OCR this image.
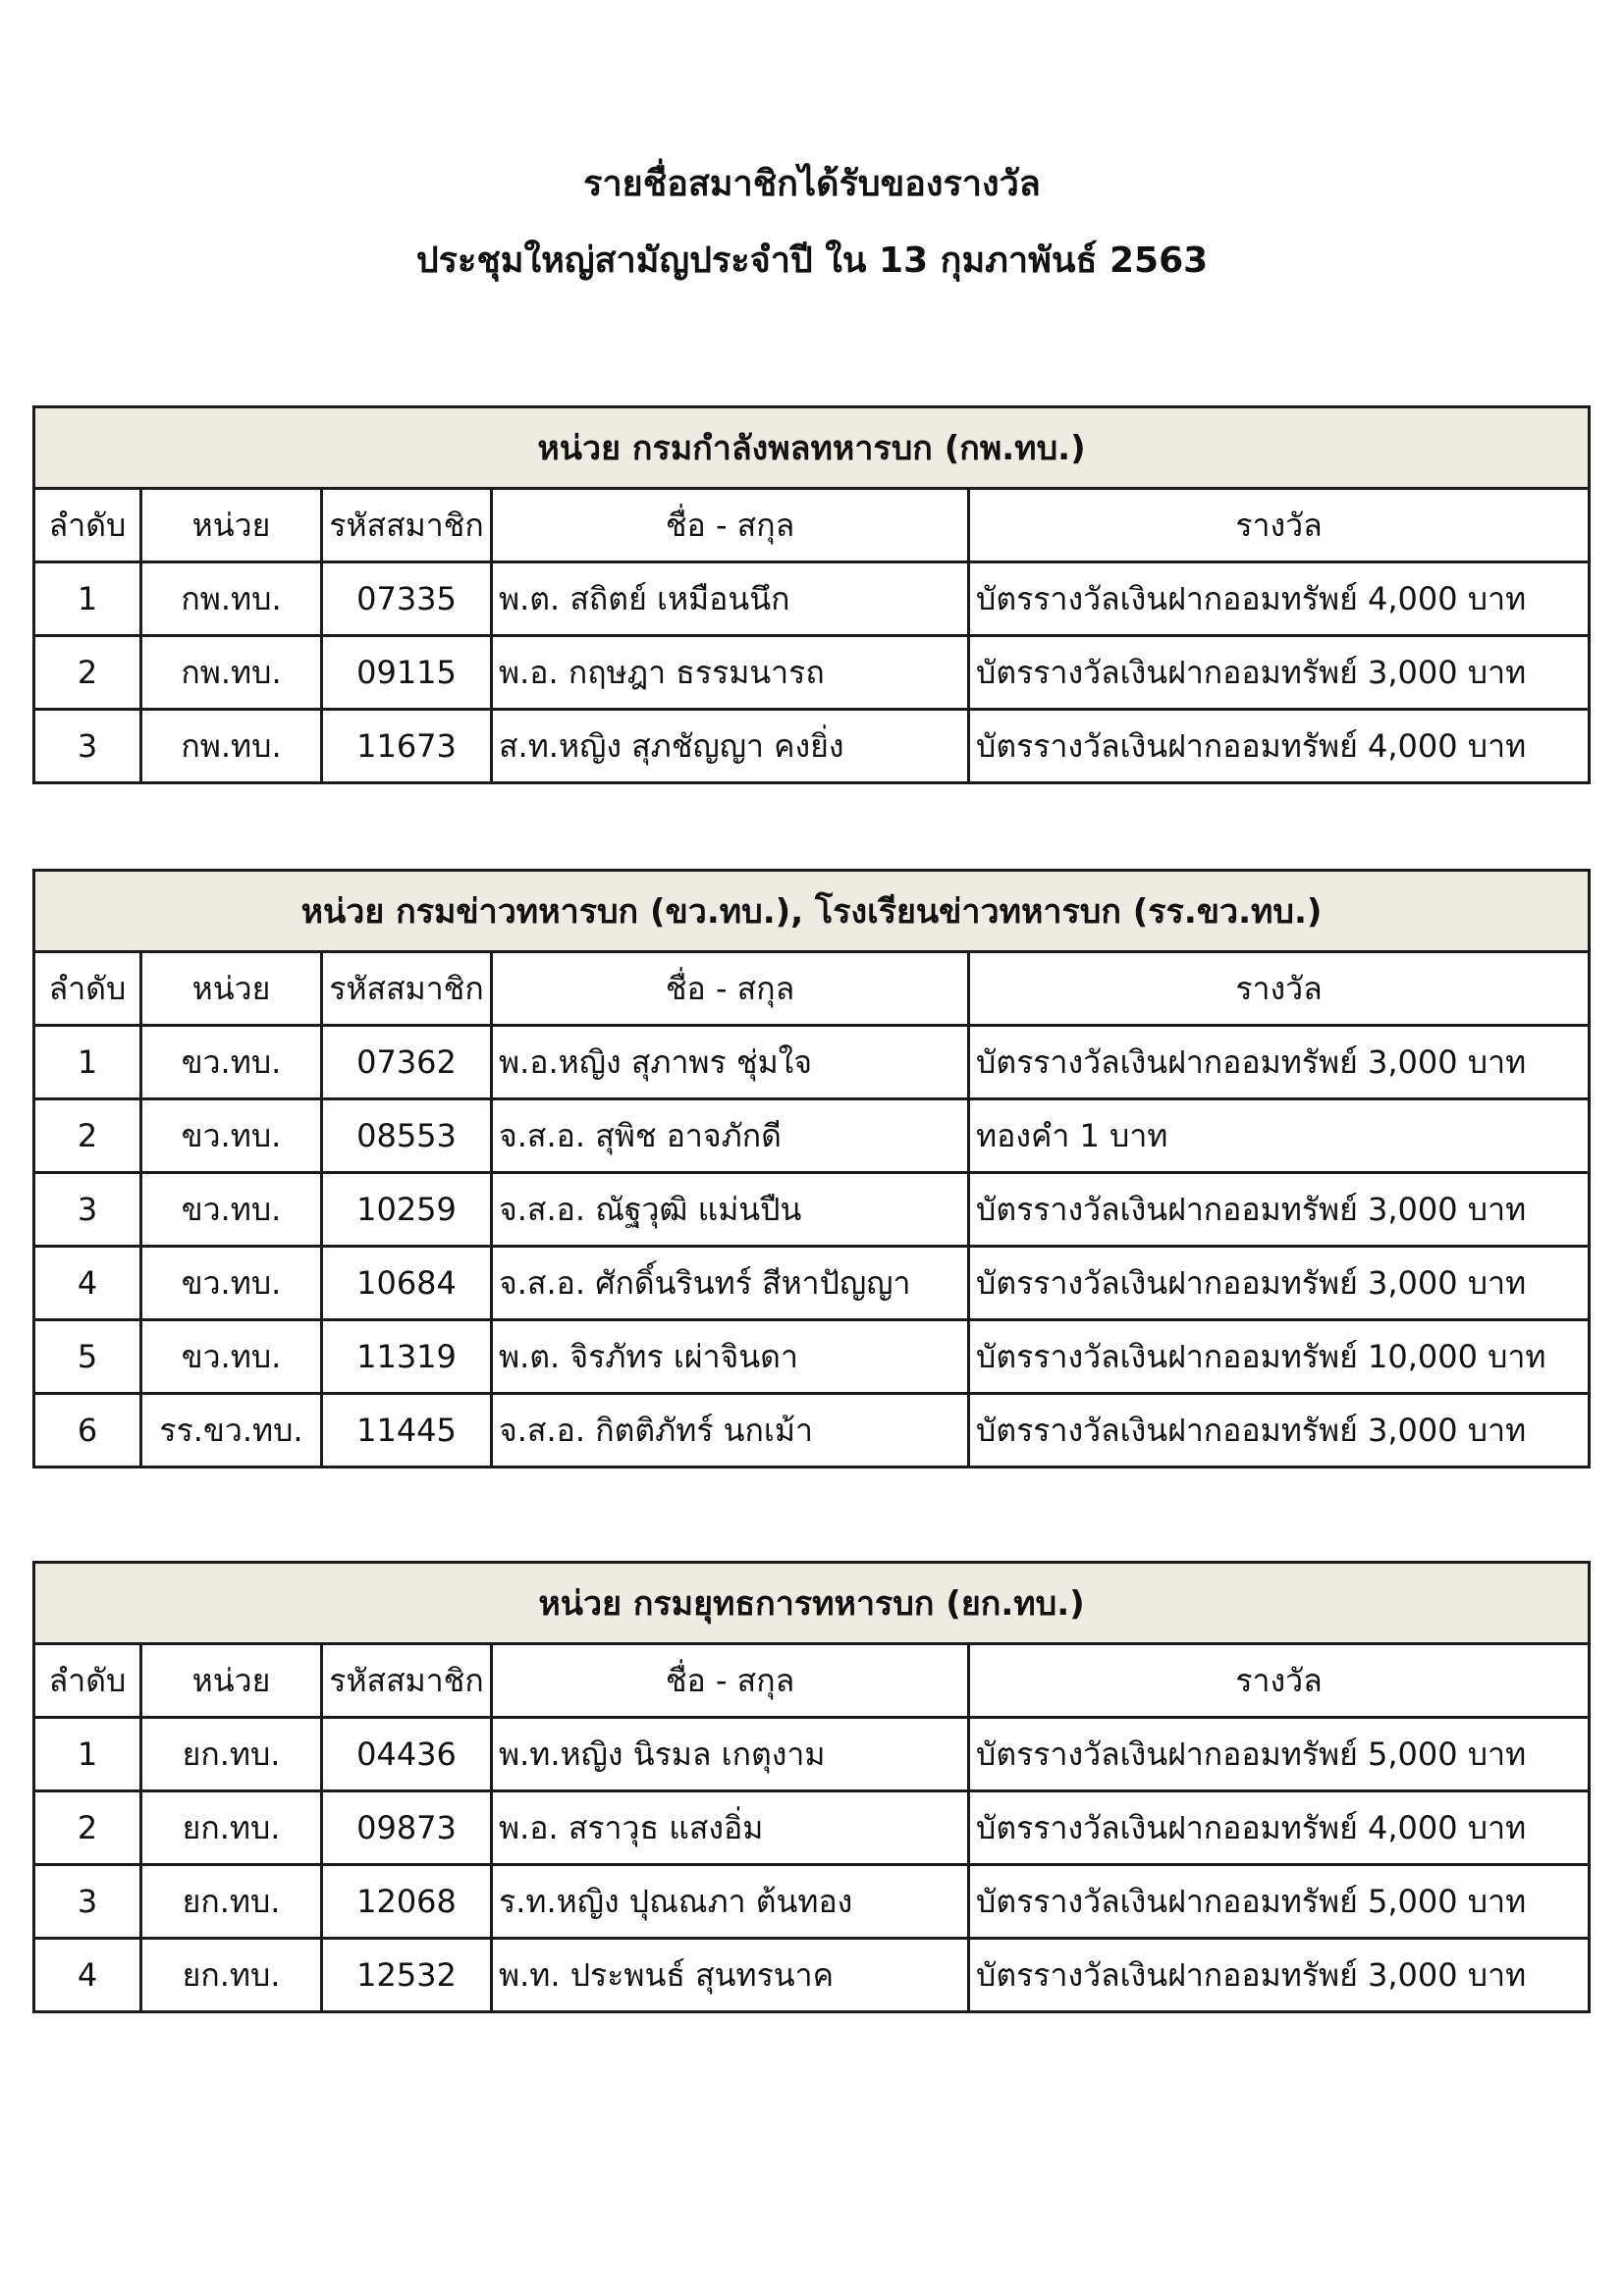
รายชื่อสมาชิกได้รับของรางวัล
ประชุมใหญ่สามัญประจำปี ใน 13 กุมภาพันธ์ 2563
หน่วย กรมกำลังพลทหารบก (กพ.ทบ.)				
ลำดับ	หน่วย	รหัสสมาชิก	ชื่อ - สกุล	รางวัล
1	กพ.ทบ.	07335	พ.ต. สถิตย์ เหมือนนึก	บัตรรางวัลเงินฝากออมทรัพย์ 4,000 บาท
2	กพ.ทบ.	09115	พ.อ. กฤษฎา ธรรมนารถ	บัตรรางวัลเงินฝากออมทรัพย์ 3,000 บาท
3	กพ.ทบ.	11673	ส.ท.หญิง สุภชัญญา คงยิ่ง	บัตรรางวัลเงินฝากออมทรัพย์ 4,000 บาท
หน่วย กรมข่าวทหารบก (ขว.ทบ.), โรงเรียนข่าวทหารบก (รร.ขว.ทบ.)				
ลำดับ	หน่วย	รหัสสมาชิก	ชื่อ - สกุล	รางวัล
1	ขว.ทบ.	07362	พ.อ.หญิง สุภาพร ชุ่มใจ	บัตรรางวัลเงินฝากออมทรัพย์ 3,000 บาท
2	ขว.ทบ.	08553	จ.ส.อ. สุพิช อาจภักดี	ทองคำ 1 บาท
3	ขว.ทบ.	10259	จ.ส.อ. ณัฐวุฒิ แม่นปืน	บัตรรางวัลเงินฝากออมทรัพย์ 3,000 บาท
4	ขว.ทบ.	10684	จ.ส.อ. ศักดิ์นรินทร์ สีหาปัญญา	บัตรรางวัลเงินฝากออมทรัพย์ 3,000 บาท
5	ขว.ทบ.	11319	พ.ต. จิรภัทร เผ่าจินดา	บัตรรางวัลเงินฝากออมทรัพย์ 10,000 บาท
6	รร.ขว.ทบ.	11445	จ.ส.อ. กิตติภัทร์ นกเม้า	บัตรรางวัลเงินฝากออมทรัพย์ 3,000 บาท
หน่วย กรมยุทธการทหารบก (ยก.ทบ.)				
ลำดับ	หน่วย	รหัสสมาชิก	ชื่อ - สกุล	รางวัล
1	ยก.ทบ.	04436	พ.ท.หญิง นิรมล เกตุงาม	บัตรรางวัลเงินฝากออมทรัพย์ 5,000 บาท
2	ยก.ทบ.	09873	พ.อ. สราวุธ แสงอิ่ม	บัตรรางวัลเงินฝากออมทรัพย์ 4,000 บาท
3	ยก.ทบ.	12068	ร.ท.หญิง ปุณณภา ต้นทอง	บัตรรางวัลเงินฝากออมทรัพย์ 5,000 บาท
4	ยก.ทบ.	12532	พ.ท. ประพนธ์ สุนทรนาค	บัตรรางวัลเงินฝากออมทรัพย์ 3,000 บาท
